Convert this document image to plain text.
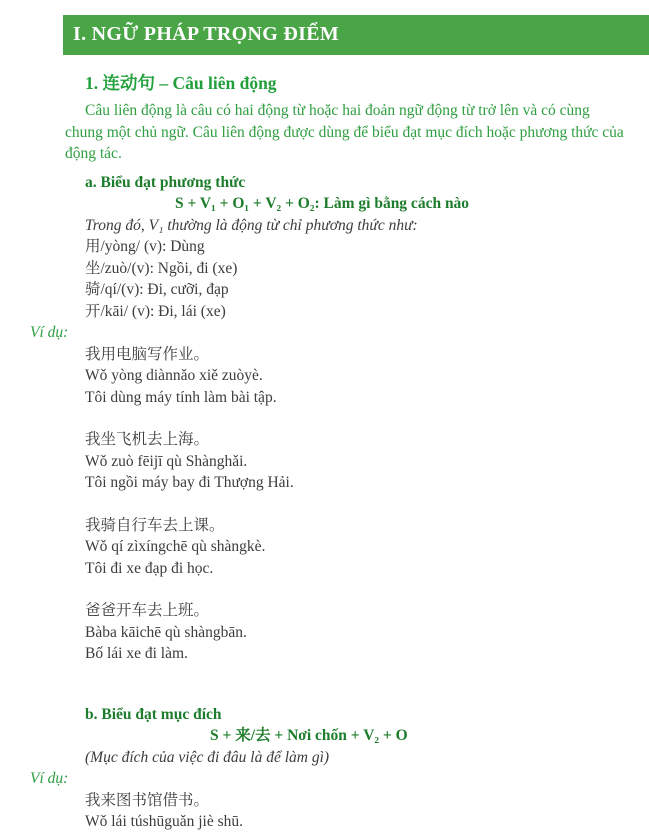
I. NGỮ PHÁP TRỌNG ĐIỂM
1. 连动句 – Câu liên động

Câu liên động là câu có hai động từ hoặc hai đoản ngữ động từ trở lên và có cùng chung một chủ ngữ. Câu liên động được dùng để biểu đạt mục đích hoặc phương thức của động tác.

a. Biểu đạt phương thức

S + V₁ + O₁ + V₂ + O₂: Làm gì bằng cách nào

Trong đó, V₁ thường là động từ chỉ phương thức như:

用/yòng/ (v): Dùng

坐/zuò/(v): Ngồi, đi (xe)

骑/qí/(v): Đi, cưỡi, đạp

开/kāi/ (v): Đi, lái (xe)

Ví dụ:

我用电脑写作业。

Wǒ yòng diànnǎo xiě zuòyè.

Tôi dùng máy tính làm bài tập.

我坐飞机去上海。

Wǒ zuò fēijī qù Shànghǎi.

Tôi ngồi máy bay đi Thượng Hải.

我骑自行车去上课。

Wǒ qí zìxíngchē qù shàngkè.

Tôi đi xe đạp đi học.

爸爸开车去上班。

Bàba kāichē qù shàngbān.

Bố lái xe đi làm.

b. Biểu đạt mục đích

S + 来/去 + Nơi chốn + V₂ + O

(Mục đích của việc đi đâu là để làm gì)

Ví dụ:

我来图书馆借书。

Wǒ lái túshūguǎn jiè shū.
